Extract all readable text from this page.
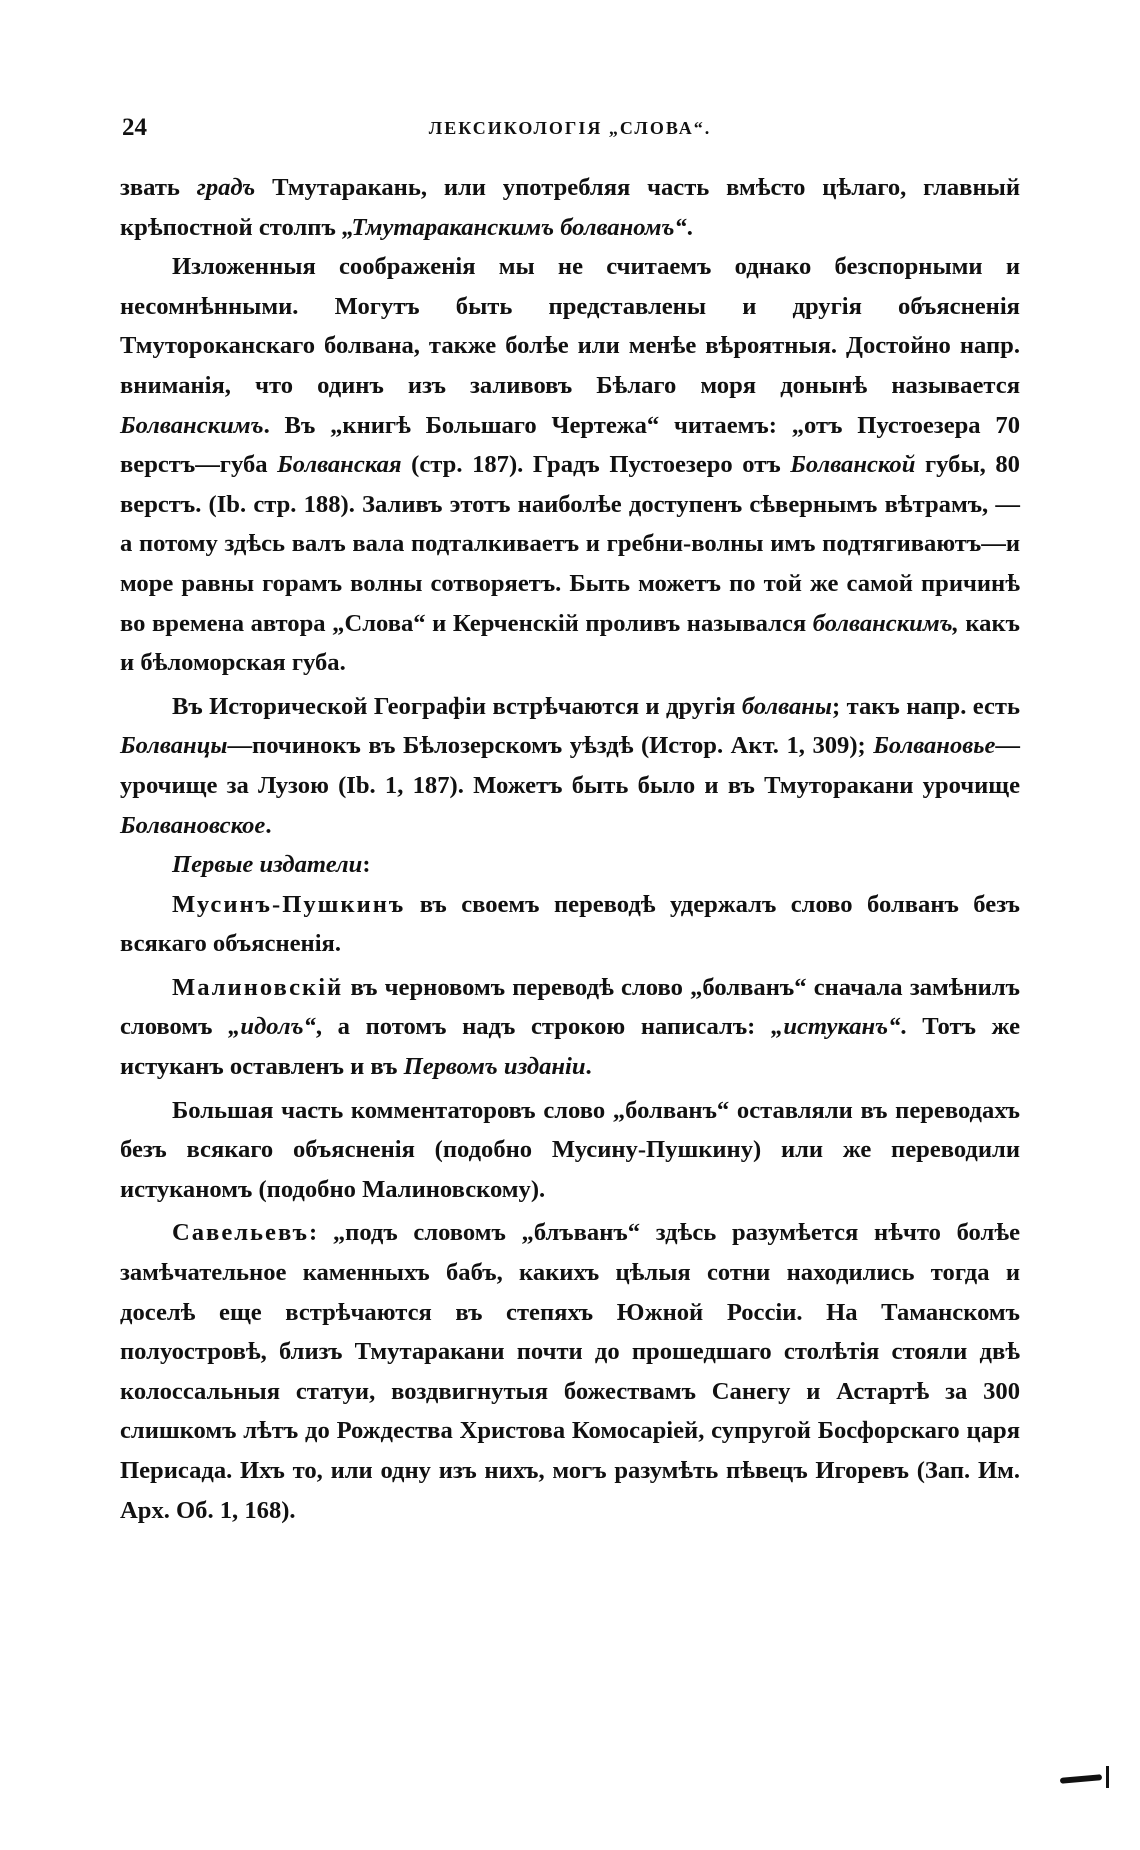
24	ЛЕКСИКОЛОГІЯ „СЛОВА“.

звать градъ Тмутаракань, или употребляя часть вмѣсто цѣлаго, главный крѣпостной столпъ „Тмутараканскимъ болваномъ“.

Изложенныя соображенія мы не считаемъ однако безспорными и несомнѣнными. Могутъ быть представлены и другія объясненія Тмутороканскаго болвана, также болѣе или менѣе вѣроятныя. Достойно напр. вниманія, что одинъ изъ заливовъ Бѣлаго моря донынѣ называется Болванскимъ. Въ „книгѣ Большаго Чертежа“ читаемъ: „отъ Пустоезера 70 верстъ—губа Болванская (стр. 187). Градъ Пустоезеро отъ Болванской губы, 80 верстъ. (Ib. стр. 188). Заливъ этотъ наиболѣе доступенъ сѣвернымъ вѣтрамъ, — а потому здѣсь валъ вала подталкиваетъ и гребни-волны имъ подтягиваютъ—и море равны горамъ волны сотворяетъ. Быть можетъ по той же самой причинѣ во времена автора „Слова“ и Керченскій проливъ назывался болванскимъ, какъ и бѣломорская губа.

Въ Исторической Географіи встрѣчаются и другія болваны; такъ напр. есть Болванцы—починокъ въ Бѣлозерскомъ уѣздѣ (Истор. Акт. 1, 309); Болвановье—урочище за Лузою (Ib. 1, 187). Можетъ быть было и въ Тмуторакани урочище Болвановское.

Первые издатели:

Мусинъ-Пушкинъ въ своемъ переводѣ удержалъ слово болванъ безъ всякаго объясненія.

Малиновскій въ черновомъ переводѣ слово „болванъ“ сначала замѣнилъ словомъ „идолъ“, а потомъ надъ строкою написалъ: „истуканъ“. Тотъ же истуканъ оставленъ и въ Первомъ изданіи.

Большая часть комментаторовъ слово „болванъ“ оставляли въ переводахъ безъ всякаго объясненія (подобно Мусину-Пушкину) или же переводили истуканомъ (подобно Малиновскому).

Савельевъ: „подъ словомъ „блъванъ“ здѣсь разумѣется нѣчто болѣе замѣчательное каменныхъ бабъ, какихъ цѣлыя сотни находились тогда и доселѣ еще встрѣчаются въ степяхъ Южной Россіи. На Таманскомъ полуостровѣ, близъ Тмутаракани почти до прошедшаго столѣтія стояли двѣ колоссальныя статуи, воздвигнутыя божествамъ Санегу и Астартѣ за 300 слишкомъ лѣтъ до Рождества Христова Комосаріей, супругой Босфорскаго царя Перисада. Ихъ то, или одну изъ нихъ, могъ разумѣть пѣвецъ Игоревъ (Зап. Им. Арх. Об. 1, 168).
